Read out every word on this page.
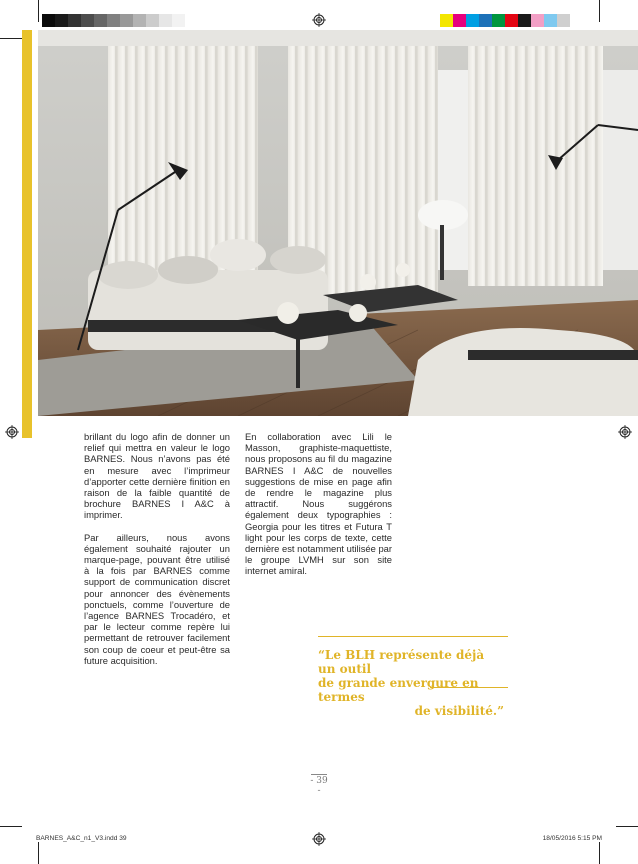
brillant du logo afin de donner un relief qui mettra en valeur le logo BARNES. Nous n’avons pas été en mesure avec l’imprimeur d’apporter cette dernière finition en raison de la faible quantité de brochure BARNES I A&C à imprimer.

Par ailleurs, nous avons également souhaité rajouter un marque-page, pouvant être utilisé à la fois par BARNES comme support de communication discret pour annoncer des évènements ponctuels, comme l’ouverture de l’agence BARNES Trocadéro, et par le lecteur comme repère lui permettant de retrouver facilement son coup de coeur et peut-être sa future acquisition.

En collaboration avec Lili le Masson, graphiste-maquettiste, nous proposons au fil du magazine BARNES I A&C de nouvelles suggestions de mise en page afin de rendre le magazine plus attractif. Nous suggérons également deux typographies : Georgia pour les titres et Futura T light pour les corps de texte, cette dernière est notamment utilisée par le groupe LVMH sur son site internet amiral.

“Le BLH représente déjà un outil
de grande envergure en termes

de visibilité.”
- 39 -
BARNES_A&C_n1_V3.indd 39	18/05/2016 5:15 PM
